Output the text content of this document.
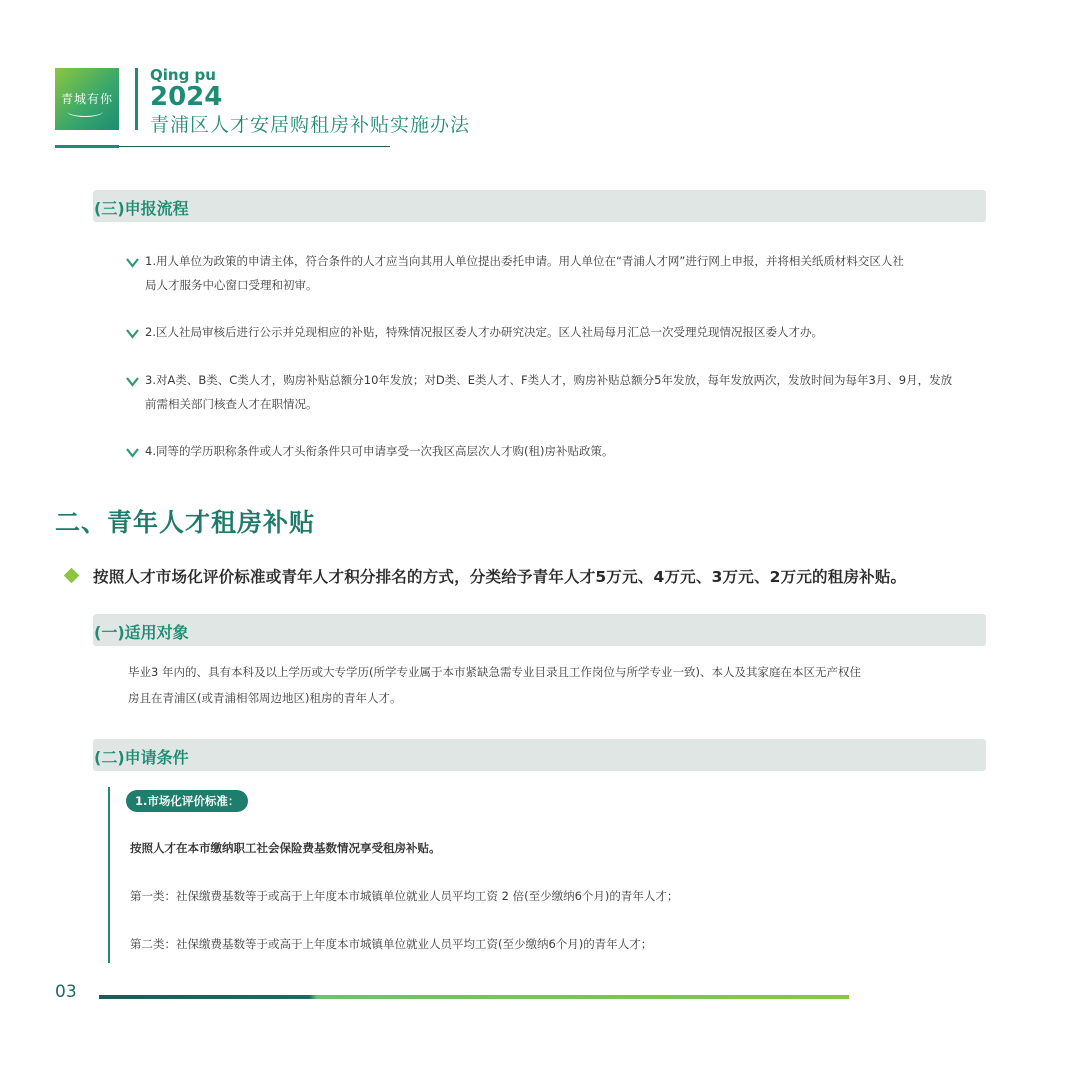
青城有你
Qing pu
2024
青浦区人才安居购租房补贴实施办法
(三)申报流程
1.用人单位为政策的申请主体，符合条件的人才应当向其用人单位提出委托申请。用人单位在“青浦人才网”进行网上申报，并将相关纸质材料交区人社
局人才服务中心窗口受理和初审。
2.区人社局审核后进行公示并兑现相应的补贴，特殊情况报区委人才办研究决定。区人社局每月汇总一次受理兑现情况报区委人才办。
3.对A类、B类、C类人才，购房补贴总额分10年发放；对D类、E类人才、F类人才，购房补贴总额分5年发放，每年发放两次，发放时间为每年3月、9月，发放
前需相关部门核查人才在职情况。
4.同等的学历职称条件或人才头衔条件只可申请享受一次我区高层次人才购(租)房补贴政策。
二、青年人才租房补贴
按照人才市场化评价标准或青年人才积分排名的方式，分类给予青年人才5万元、4万元、3万元、2万元的租房补贴。
(一)适用对象
毕业3 年内的、具有本科及以上学历或大专学历(所学专业属于本市紧缺急需专业目录且工作岗位与所学专业一致)、本人及其家庭在本区无产权住
房且在青浦区(或青浦相邻周边地区)租房的青年人才。
(二)申请条件
1.市场化评价标准：
按照人才在本市缴纳职工社会保险费基数情况享受租房补贴。
第一类：社保缴费基数等于或高于上年度本市城镇单位就业人员平均工资 2 倍(至少缴纳6个月)的青年人才；
第二类：社保缴费基数等于或高于上年度本市城镇单位就业人员平均工资(至少缴纳6个月)的青年人才；
03
